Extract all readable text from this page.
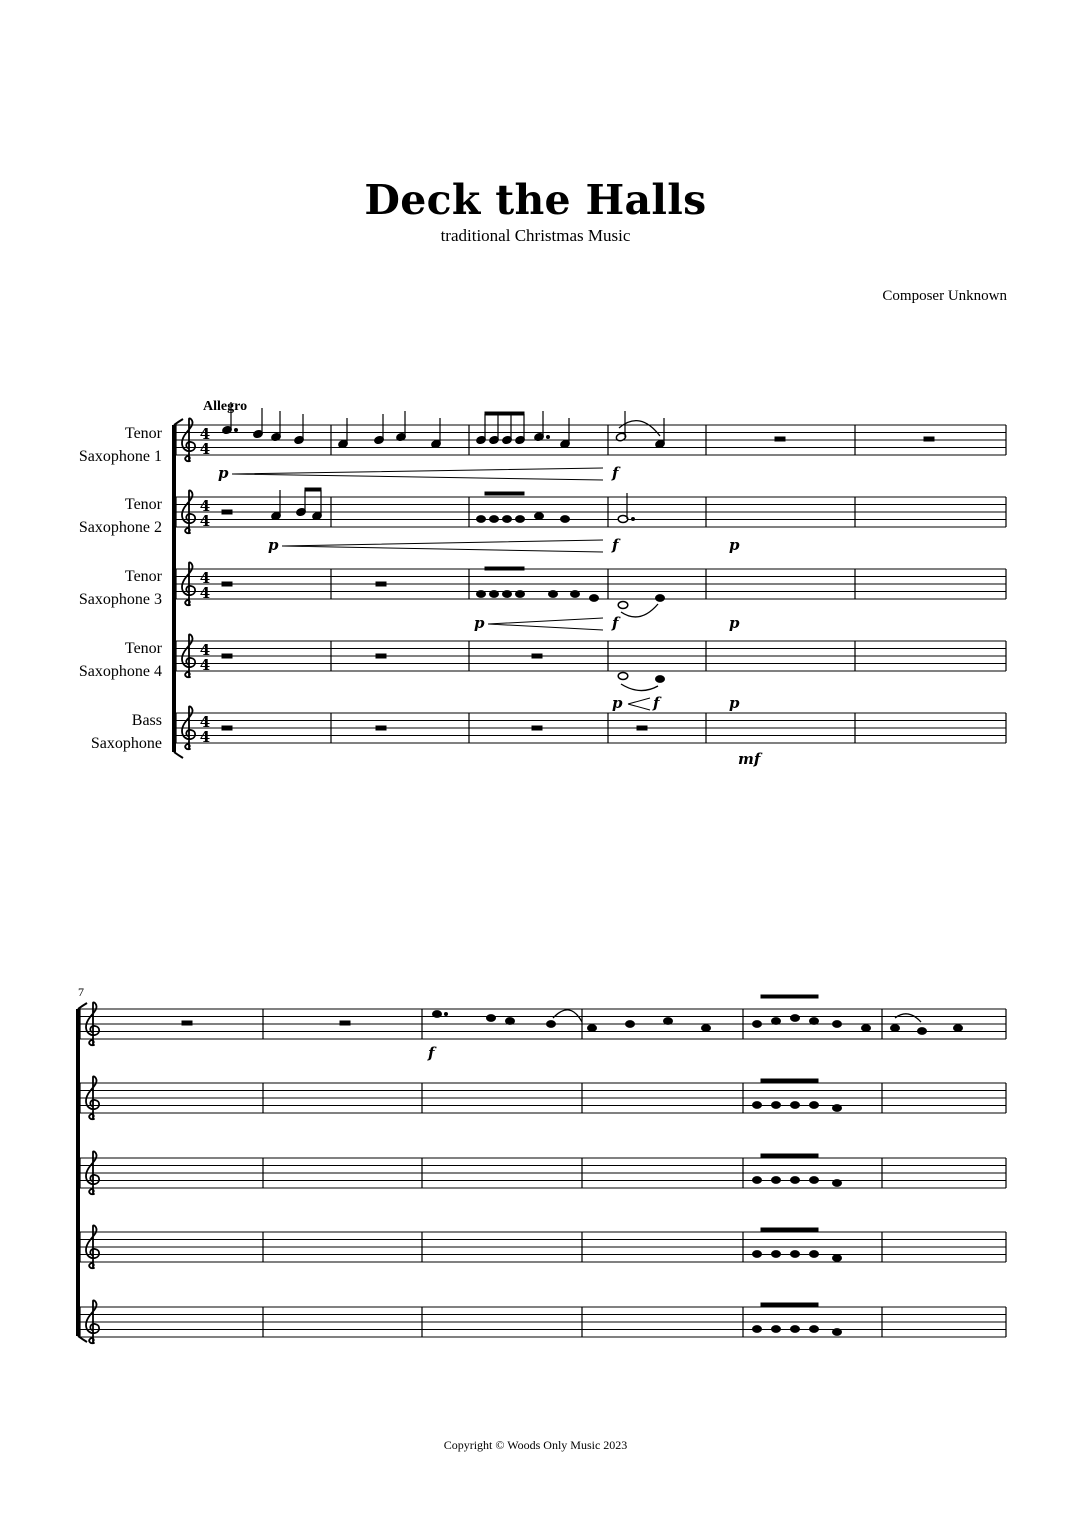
Deck the Halls
traditional Christmas Music
Composer Unknown
Allegro
Tenor
Saxophone 1
Tenor
Saxophone 2
Tenor
Saxophone 3
Tenor
Saxophone 4
Bass
Saxophone
4
4
4
4
4
4
4
4
4
4
p	f
p	f	p
p	f	p
p f	p
mf
7
f
Copyright © Woods Only Music 2023
